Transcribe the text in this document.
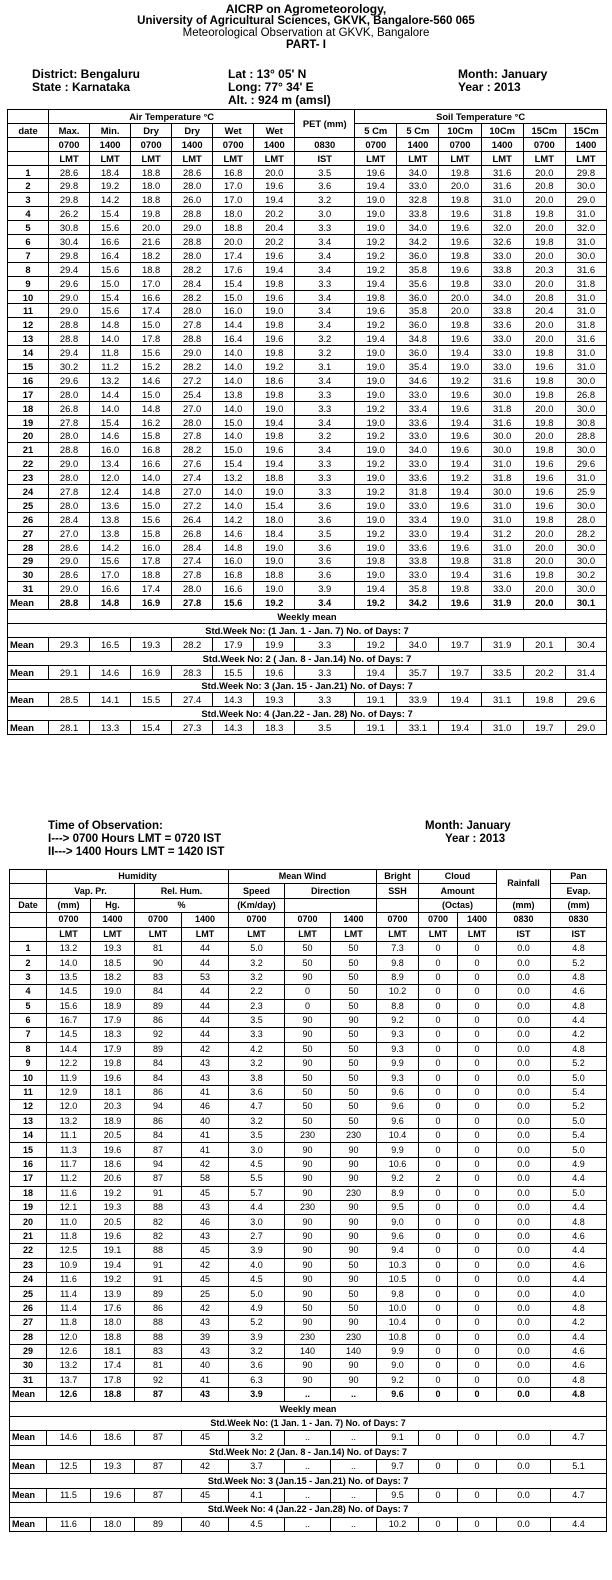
AICRP on Agrometeorology,
University of Agricultural Sciences, GKVK, Bangalore-560 065
Meteorological Observation at GKVK, Bangalore
PART- I
District: Bengaluru
State : Karnataka
Lat : 13° 05' N
Long: 77° 34' E
Alt. : 924 m (amsl)
Month: January
Year : 2013
	Air Temperature °C						PET (mm)	Soil Temperature °C					
date	Max.	Min.	Dry	Dry	Wet	Wet		5 Cm	5 Cm	10Cm	10Cm	15Cm	15Cm
	0700	1400	0700	1400	0700	1400	0830	0700	1400	0700	1400	0700	1400
	LMT	LMT	LMT	LMT	LMT	LMT	IST	LMT	LMT	LMT	LMT	LMT	LMT
1	28.6	18.4	18.8	28.6	16.8	20.0	3.5	19.6	34.0	19.8	31.6	20.0	29.8
2	29.8	19.2	18.0	28.0	17.0	19.6	3.6	19.4	33.0	20.0	31.6	20.8	30.0
3	29.8	14.2	18.8	26.0	17.0	19.4	3.2	19.0	32.8	19.8	31.0	20.0	29.0
4	26.2	15.4	19.8	28.8	18.0	20.2	3.0	19.0	33.8	19.6	31.8	19.8	31.0
5	30.8	15.6	20.0	29.0	18.8	20.4	3.3	19.0	34.0	19.6	32.0	20.0	32.0
6	30.4	16.6	21.6	28.8	20.0	20.2	3.4	19.2	34.2	19.6	32.6	19.8	31.0
7	29.8	16.4	18.2	28.0	17.4	19.6	3.4	19.2	36.0	19.8	33.0	20.0	30.0
8	29.4	15.6	18.8	28.2	17.6	19.4	3.4	19.2	35.8	19.6	33.8	20.3	31.6
9	29.6	15.0	17.0	28.4	15.4	19.8	3.3	19.4	35.6	19.8	33.0	20.0	31.8
10	29.0	15.4	16.6	28.2	15.0	19.6	3.4	19.8	36.0	20.0	34.0	20.8	31.0
11	29.0	15.6	17.4	28.0	16.0	19.0	3.4	19.6	35.8	20.0	33.8	20.4	31.0
12	28.8	14.8	15.0	27.8	14.4	19.8	3.4	19.2	36.0	19.8	33.6	20.0	31.8
13	28.8	14.0	17.8	28.8	16.4	19.6	3.2	19.4	34.8	19.6	33.0	20.0	31.6
14	29.4	11.8	15.6	29.0	14.0	19.8	3.2	19.0	36.0	19.4	33.0	19.8	31.0
15	30.2	11.2	15.2	28.2	14.0	19.2	3.1	19.0	35.4	19.0	33.0	19.6	31.0
16	29.6	13.2	14.6	27.2	14.0	18.6	3.4	19.0	34.6	19.2	31.6	19.8	30.0
17	28.0	14.4	15.0	25.4	13.8	19.8	3.3	19.0	33.0	19.6	30.0	19.8	26.8
18	26.8	14.0	14.8	27.0	14.0	19.0	3.3	19.2	33.4	19.6	31.8	20.0	30.0
19	27.8	15.4	16.2	28.0	15.0	19.4	3.4	19.0	33.6	19.4	31.6	19.8	30.8
20	28.0	14.6	15.8	27.8	14.0	19.8	3.2	19.2	33.0	19.6	30.0	20.0	28.8
21	28.8	16.0	16.8	28.2	15.0	19.6	3.4	19.0	34.0	19.6	30.0	19.8	30.0
22	29.0	13.4	16.6	27.6	15.4	19.4	3.3	19.2	33.0	19.4	31.0	19.6	29.6
23	28.0	12.0	14.0	27.4	13.2	18.8	3.3	19.0	33.6	19.2	31.8	19.6	31.0
24	27.8	12.4	14.8	27.0	14.0	19.0	3.3	19.2	31.8	19.4	30.0	19.6	25.9
25	28.0	13.6	15.0	27.2	14.0	15.4	3.6	19.0	33.0	19.6	31.0	19.6	30.0
26	28.4	13.8	15.6	26.4	14.2	18.0	3.6	19.0	33.4	19.0	31.0	19.8	28.0
27	27.0	13.8	15.8	26.8	14.6	18.4	3.5	19.2	33.0	19.4	31.2	20.0	28.2
28	28.6	14.2	16.0	28.4	14.8	19.0	3.6	19.0	33.6	19.6	31.0	20.0	30.0
29	29.0	15.6	17.8	27.4	16.0	19.0	3.6	19.8	33.8	19.8	31.8	20.0	30.0
30	28.6	17.0	18.8	27.8	16.8	18.8	3.6	19.0	33.0	19.4	31.6	19.8	30.2
31	29.0	16.6	17.4	28.0	16.6	19.0	3.9	19.4	35.8	19.8	33.0	20.0	30.0
Mean	28.8	14.8	16.9	27.8	15.6	19.2	3.4	19.2	34.2	19.6	31.9	20.0	30.1
Weekly mean													
Std.Week No: (1 Jan. 1 - Jan. 7) No. of Days: 7													
Mean	29.3	16.5	19.3	28.2	17.9	19.9	3.3	19.2	34.0	19.7	31.9	20.1	30.4
Std.Week No: 2 ( Jan. 8 - Jan.14) No. of Days: 7													
Mean	29.1	14.6	16.9	28.3	15.5	19.6	3.3	19.4	35.7	19.7	33.5	20.2	31.4
Std.Week No: 3 (Jan. 15 - Jan.21) No. of Days: 7													
Mean	28.5	14.1	15.5	27.4	14.3	19.3	3.3	19.1	33.9	19.4	31.1	19.8	29.6
Std.Week No: 4 (Jan.22 - Jan. 28) No. of Days: 7													
Mean	28.1	13.3	15.4	27.3	14.3	18.3	3.5	19.1	33.1	19.4	31.0	19.7	29.0
Time of Observation:
I---> 0700 Hours LMT = 0720 IST
II---> 1400 Hours LMT = 1420 IST
Month: January
Year : 2013
	Humidity				Mean Wind			Bright	Cloud		Rainfall	Pan
	Vap. Pr.		Rel. Hum.		Speed	Direction		SSH	Amount			Evap.
Date	(mm)	Hg.	%		(Km/day)				(Octas)		(mm)	(mm)
	0700	1400	0700	1400	0700	0700	1400	0700	0700	1400	0830	0830
	LMT	LMT	LMT	LMT	LMT	LMT	LMT	LMT	LMT	LMT	IST	IST
1	13.2	19.3	81	44	5.0	50	50	7.3	0	0	0.0	4.8
2	14.0	18.5	90	44	3.2	50	50	9.8	0	0	0.0	5.2
3	13.5	18.2	83	53	3.2	90	50	8.9	0	0	0.0	4.8
4	14.5	19.0	84	44	2.2	0	50	10.2	0	0	0.0	4.6
5	15.6	18.9	89	44	2.3	0	50	8.8	0	0	0.0	4.8
6	16.7	17.9	86	44	3.5	90	90	9.2	0	0	0.0	4.4
7	14.5	18.3	92	44	3.3	90	50	9.3	0	0	0.0	4.2
8	14.4	17.9	89	42	4.2	50	50	9.3	0	0	0.0	4.8
9	12.2	19.8	84	43	3.2	90	50	9.9	0	0	0.0	5.2
10	11.9	19.6	84	43	3.8	50	50	9.3	0	0	0.0	5.0
11	12.9	18.1	86	41	3.6	50	50	9.6	0	0	0.0	5.4
12	12.0	20.3	94	46	4.7	50	50	9.6	0	0	0.0	5.2
13	13.2	18.9	86	40	3.2	50	50	9.6	0	0	0.0	5.0
14	11.1	20.5	84	41	3.5	230	230	10.4	0	0	0.0	5.4
15	11.3	19.6	87	41	3.0	90	90	9.9	0	0	0.0	5.0
16	11.7	18.6	94	42	4.5	90	90	10.6	0	0	0.0	4.9
17	11.2	20.6	87	58	5.5	90	90	9.2	2	0	0.0	4.4
18	11.6	19.2	91	45	5.7	90	230	8.9	0	0	0.0	5.0
19	12.1	19.3	88	43	4.4	230	90	9.5	0	0	0.0	4.4
20	11.0	20.5	82	46	3.0	90	90	9.0	0	0	0.0	4.8
21	11.8	19.6	82	43	2.7	90	90	9.6	0	0	0.0	4.6
22	12.5	19.1	88	45	3.9	90	90	9.4	0	0	0.0	4.4
23	10.9	19.4	91	42	4.0	90	50	10.3	0	0	0.0	4.6
24	11.6	19.2	91	45	4.5	90	90	10.5	0	0	0.0	4.4
25	11.4	13.9	89	25	5.0	90	50	9.8	0	0	0.0	4.0
26	11.4	17.6	86	42	4.9	50	50	10.0	0	0	0.0	4.8
27	11.8	18.0	88	43	5.2	90	90	10.4	0	0	0.0	4.2
28	12.0	18.8	88	39	3.9	230	230	10.8	0	0	0.0	4.4
29	12.6	18.1	83	43	3.2	140	140	9.9	0	0	0.0	4.6
30	13.2	17.4	81	40	3.6	90	90	9.0	0	0	0.0	4.6
31	13.7	17.8	92	41	6.3	90	90	9.2	0	0	0.0	4.8
Mean	12.6	18.8	87	43	3.9	..	..	9.6	0	0	0.0	4.8
Weekly mean												
Std.Week No: (1 Jan. 1 - Jan. 7) No. of Days: 7												
Mean	14.6	18.6	87	45	3.2	..	..	9.1	0	0	0.0	4.7
Std.Week No: 2 (Jan. 8 - Jan.14) No. of Days: 7												
Mean	12.5	19.3	87	42	3.7	..	..	9.7	0	0	0.0	5.1
Std.Week No: 3 (Jan.15 - Jan.21) No. of Days: 7												
Mean	11.5	19.6	87	45	4.1	..	..	9.5	0	0	0.0	4.7
Std.Week No: 4 (Jan.22 - Jan.28) No. of Days: 7												
Mean	11.6	18.0	89	40	4.5	..	..	10.2	0	0	0.0	4.4
